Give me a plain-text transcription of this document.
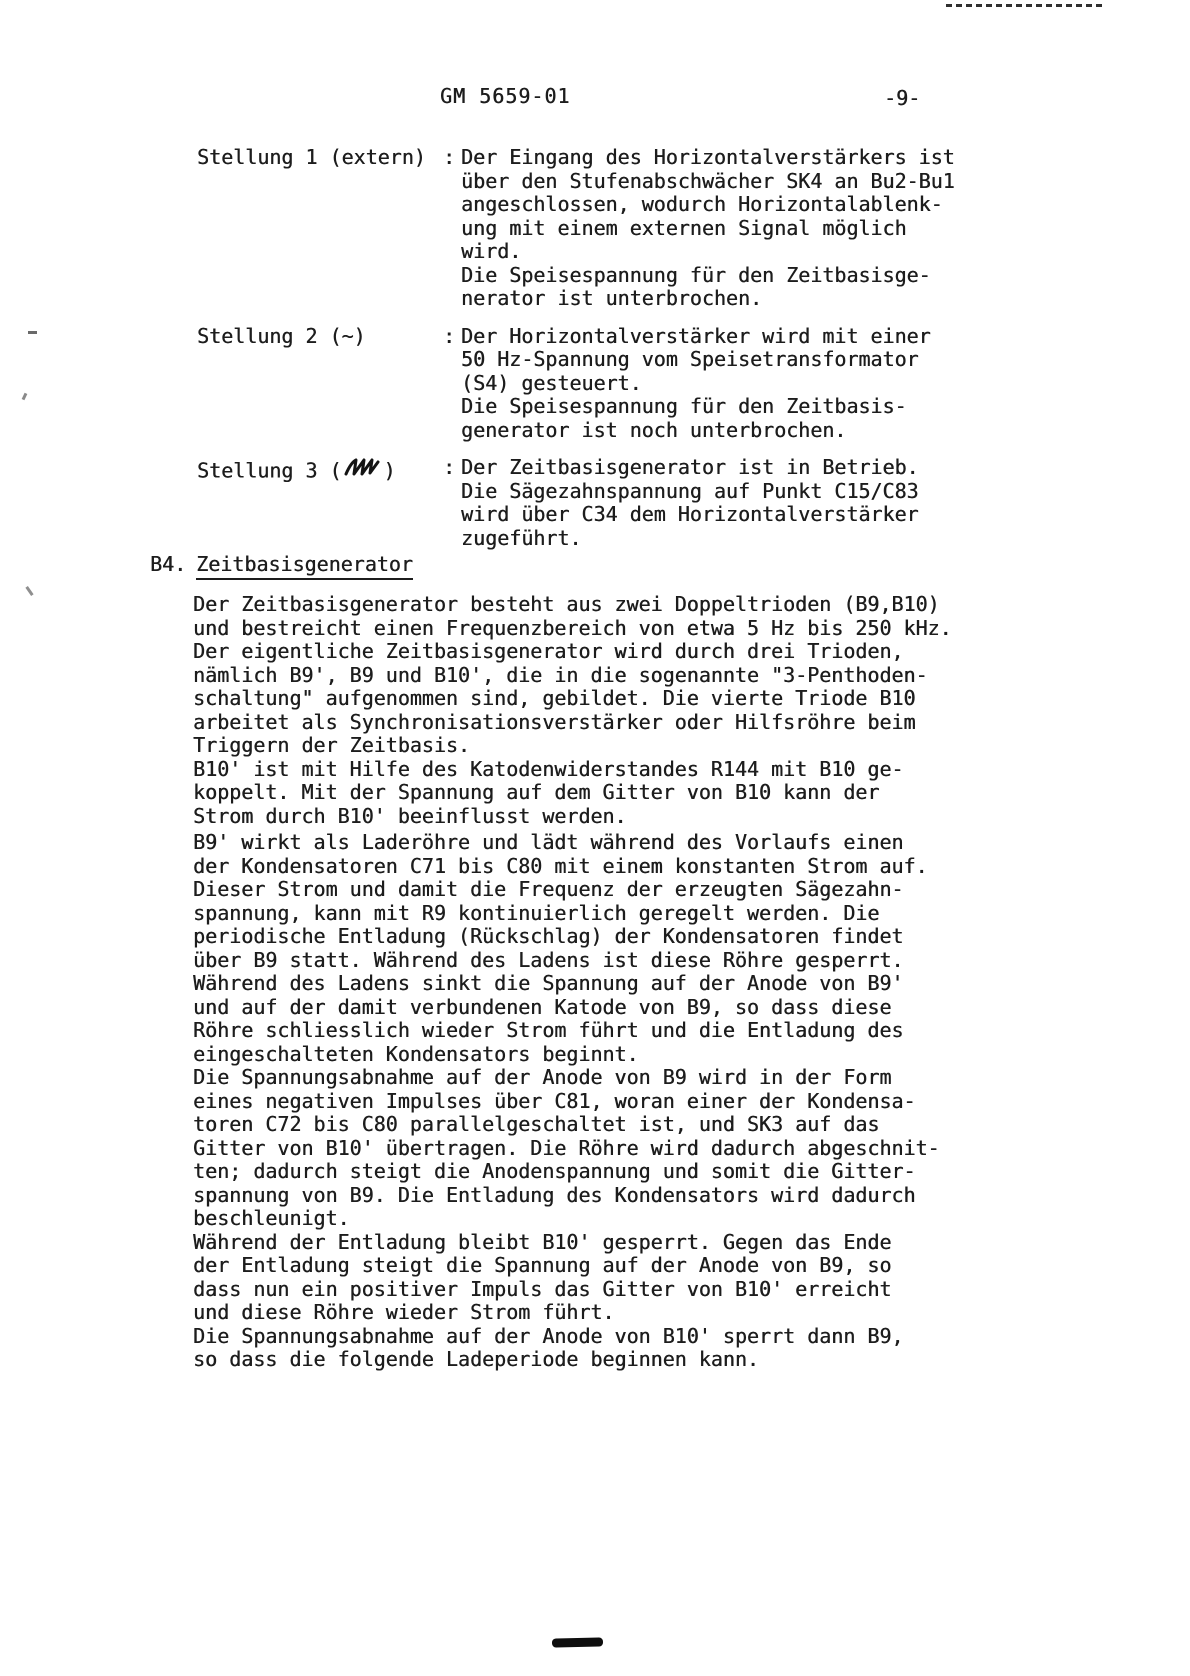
GM 5659-01	-9-
Stellung 1 (extern) : Der Eingang des Horizontalverstärkers ist
über den Stufenabschwächer SK4 an Bu2-Bu1
angeschlossen, wodurch Horizontalablenk-
ung mit einem externen Signal möglich
wird.
Die Speisespannung für den Zeitbasisge-
nerator ist unterbrochen.
Stellung 2 (~)	: Der Horizontalverstärker wird mit einer
50 Hz-Spannung vom Speisetransformator
(S4) gesteuert.
Die Speisespannung für den Zeitbasis-
generator ist noch unterbrochen.
Stellung 3 ( )	: Der Zeitbasisgenerator ist in Betrieb.
Die Sägezahnspannung auf Punkt C15/C83
wird über C34 dem Horizontalverstärker
zugeführt.
B4. Zeitbasisgenerator
Der Zeitbasisgenerator besteht aus zwei Doppeltrioden (B9,B10)
und bestreicht einen Frequenzbereich von etwa 5 Hz bis 250 kHz.
Der eigentliche Zeitbasisgenerator wird durch drei Trioden,
nämlich B9', B9 und B10', die in die sogenannte "3-Penthoden-
schaltung" aufgenommen sind, gebildet. Die vierte Triode B10
arbeitet als Synchronisationsverstärker oder Hilfsröhre beim
Triggern der Zeitbasis.
B10' ist mit Hilfe des Katodenwiderstandes R144 mit B10 ge-
koppelt. Mit der Spannung auf dem Gitter von B10 kann der
Strom durch B10' beeinflusst werden.
B9' wirkt als Laderöhre und lädt während des Vorlaufs einen
der Kondensatoren C71 bis C80 mit einem konstanten Strom auf.
Dieser Strom und damit die Frequenz der erzeugten Sägezahn-
spannung, kann mit R9 kontinuierlich geregelt werden. Die
periodische Entladung (Rückschlag) der Kondensatoren findet
über B9 statt. Während des Ladens ist diese Röhre gesperrt.
Während des Ladens sinkt die Spannung auf der Anode von B9'
und auf der damit verbundenen Katode von B9, so dass diese
Röhre schliesslich wieder Strom führt und die Entladung des
eingeschalteten Kondensators beginnt.
Die Spannungsabnahme auf der Anode von B9 wird in der Form
eines negativen Impulses über C81, woran einer der Kondensa-
toren C72 bis C80 parallelgeschaltet ist, und SK3 auf das
Gitter von B10' übertragen. Die Röhre wird dadurch abgeschnit-
ten; dadurch steigt die Anodenspannung und somit die Gitter-
spannung von B9. Die Entladung des Kondensators wird dadurch
beschleunigt.
Während der Entladung bleibt B10' gesperrt. Gegen das Ende
der Entladung steigt die Spannung auf der Anode von B9, so
dass nun ein positiver Impuls das Gitter von B10' erreicht
und diese Röhre wieder Strom führt.
Die Spannungsabnahme auf der Anode von B10' sperrt dann B9,
so dass die folgende Ladeperiode beginnen kann.
